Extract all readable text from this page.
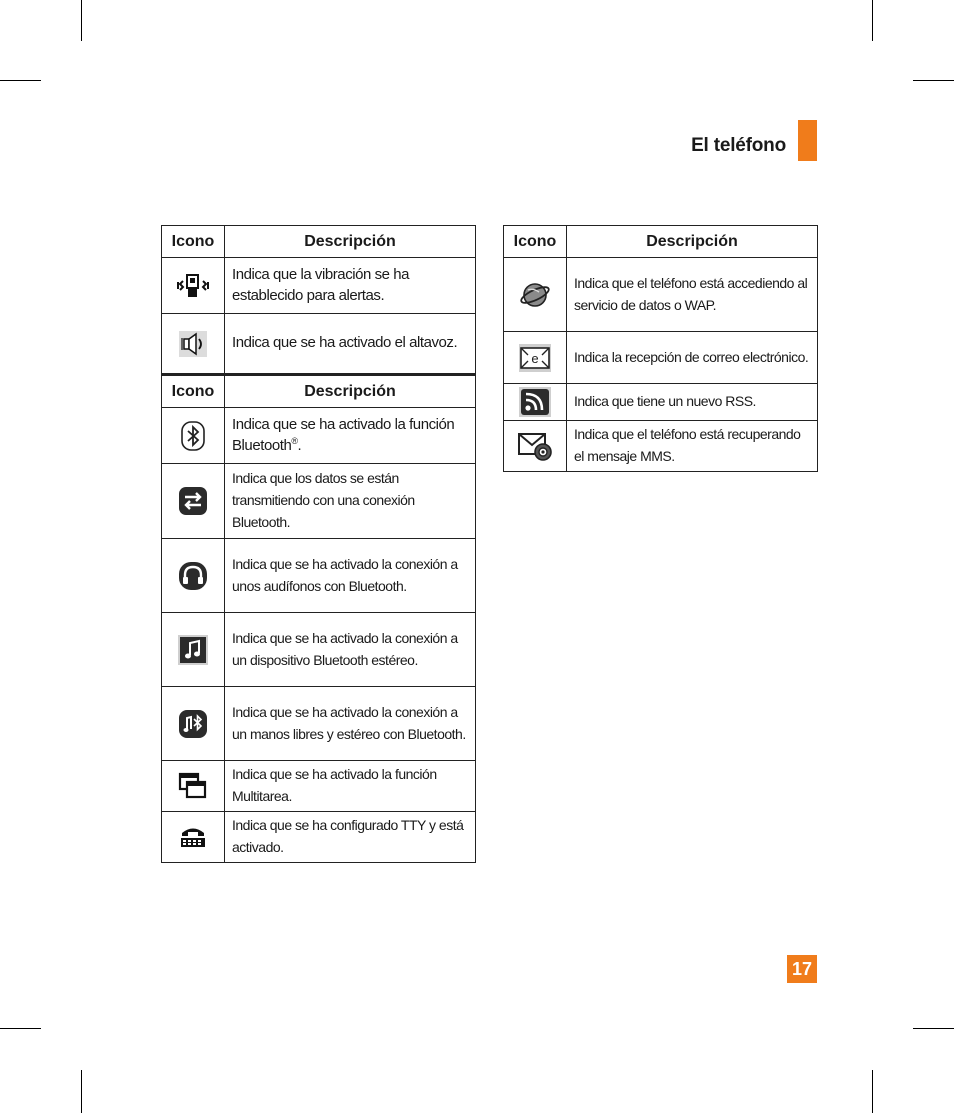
El teléfono
Icono	Descripción
	Indica que la vibración se ha establecido para alertas.
	Indica que se ha activado el altavoz.
Icono	Descripción
	Indica que se ha activado la función Bluetooth®.
	Indica que los datos se están transmitiendo con una conexión Bluetooth.
	Indica que se ha activado la conexión a unos audífonos con Bluetooth.
	Indica que se ha activado la conexión a un dispositivo Bluetooth estéreo.
	Indica que se ha activado la conexión a un manos libres y estéreo con Bluetooth.
	Indica que se ha activado la función Multitarea.
	Indica que se ha configurado TTY y está activado.
Icono	Descripción
	Indica que el teléfono está accediendo al servicio de datos o WAP.

e	Indica la recepción de correo electrónico.
	Indica que tiene un nuevo RSS.
	Indica que el teléfono está recuperando el mensaje MMS.
17
